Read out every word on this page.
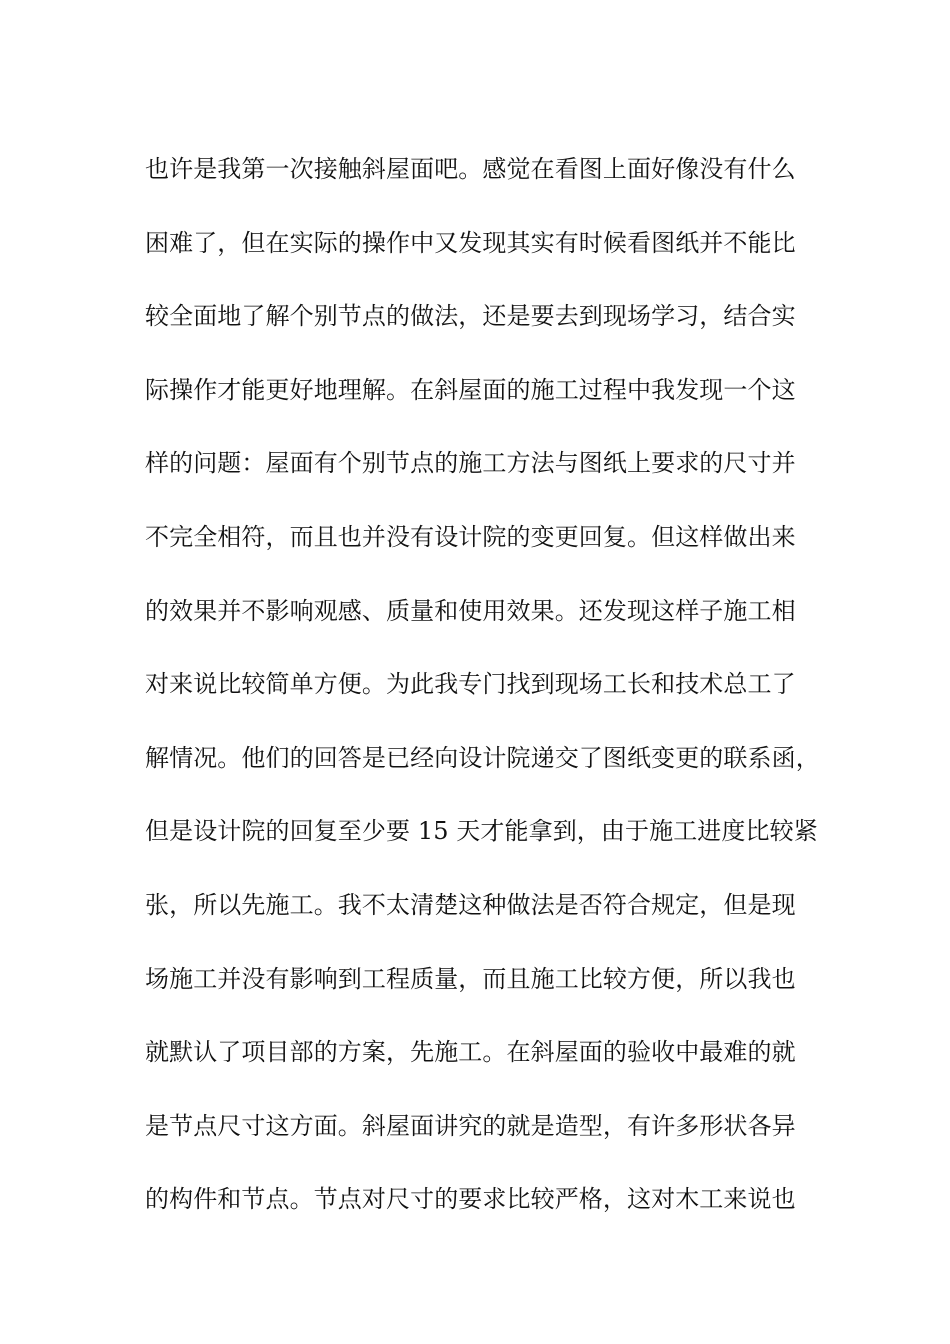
也许是我第一次接触斜屋面吧。感觉在看图上面好像没有什么
困难了，但在实际的操作中又发现其实有时候看图纸并不能比
较全面地了解个别节点的做法，还是要去到现场学习，结合实
际操作才能更好地理解。在斜屋面的施工过程中我发现一个这
样的问题：屋面有个别节点的施工方法与图纸上要求的尺寸并
不完全相符，而且也并没有设计院的变更回复。但这样做出来
的效果并不影响观感、质量和使用效果。还发现这样子施工相
对来说比较简单方便。为此我专门找到现场工长和技术总工了
解情况。他们的回答是已经向设计院递交了图纸变更的联系函，
但是设计院的回复至少要 15 天才能拿到，由于施工进度比较紧
张，所以先施工。我不太清楚这种做法是否符合规定，但是现
场施工并没有影响到工程质量，而且施工比较方便，所以我也
就默认了项目部的方案，先施工。在斜屋面的验收中最难的就
是节点尺寸这方面。斜屋面讲究的就是造型，有许多形状各异
的构件和节点。节点对尺寸的要求比较严格，这对木工来说也
